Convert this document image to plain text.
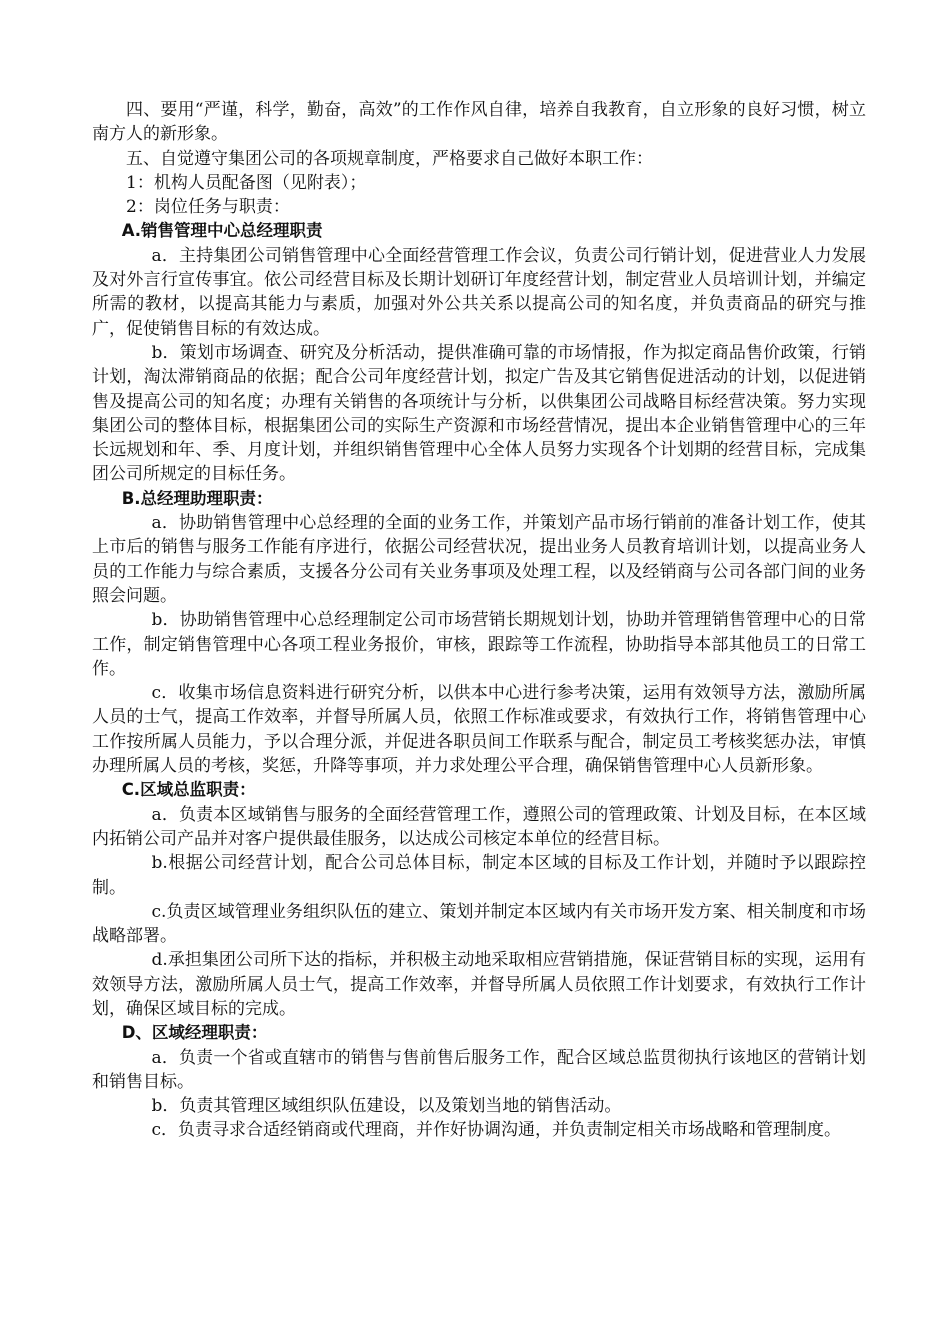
四、要用“严谨，科学，勤奋，高效”的工作作风自律，培养自我教育，自立形象的良好习惯，树立南方人的新形象。

五、自觉遵守集团公司的各项规章制度，严格要求自己做好本职工作：

1：机构人员配备图（见附表）；

2：岗位任务与职责：

A.销售管理中心总经理职责

a．主持集团公司销售管理中心全面经营管理工作会议，负责公司行销计划，促进营业人力发展及对外言行宣传事宜。依公司经营目标及长期计划研订年度经营计划，制定营业人员培训计划，并编定所需的教材，以提高其能力与素质，加强对外公共关系以提高公司的知名度，并负责商品的研究与推广，促使销售目标的有效达成。

b．策划市场调查、研究及分析活动，提供准确可靠的市场情报，作为拟定商品售价政策，行销计划，淘汰滞销商品的依据；配合公司年度经营计划，拟定广告及其它销售促进活动的计划，以促进销售及提高公司的知名度；办理有关销售的各项统计与分析，以供集团公司战略目标经营决策。努力实现集团公司的整体目标，根据集团公司的实际生产资源和市场经营情况，提出本企业销售管理中心的三年长远规划和年、季、月度计划，并组织销售管理中心全体人员努力实现各个计划期的经营目标，完成集团公司所规定的目标任务。

B.总经理助理职责：

a．协助销售管理中心总经理的全面的业务工作，并策划产品市场行销前的准备计划工作，使其上市后的销售与服务工作能有序进行，依据公司经营状况，提出业务人员教育培训计划，以提高业务人员的工作能力与综合素质，支援各分公司有关业务事项及处理工程，以及经销商与公司各部门间的业务照会问题。

b．协助销售管理中心总经理制定公司市场营销长期规划计划，协助并管理销售管理中心的日常工作，制定销售管理中心各项工程业务报价，审核，跟踪等工作流程，协助指导本部其他员工的日常工作。

c．收集市场信息资料进行研究分析，以供本中心进行参考决策，运用有效领导方法，激励所属人员的士气，提高工作效率，并督导所属人员，依照工作标准或要求，有效执行工作，将销售管理中心工作按所属人员能力，予以合理分派，并促进各职员间工作联系与配合，制定员工考核奖惩办法，审慎办理所属人员的考核，奖惩，升降等事项，并力求处理公平合理，确保销售管理中心人员新形象。

C.区域总监职责：

a．负责本区域销售与服务的全面经营管理工作，遵照公司的管理政策、计划及目标，在本区域内拓销公司产品并对客户提供最佳服务，以达成公司核定本单位的经营目标。

b.根据公司经营计划，配合公司总体目标，制定本区域的目标及工作计划，并随时予以跟踪控制。

c.负责区域管理业务组织队伍的建立、策划并制定本区域内有关市场开发方案、相关制度和市场战略部署。

d.承担集团公司所下达的指标，并积极主动地采取相应营销措施，保证营销目标的实现，运用有效领导方法，激励所属人员士气，提高工作效率，并督导所属人员依照工作计划要求，有效执行工作计划，确保区域目标的完成。

D、区域经理职责：

a．负责一个省或直辖市的销售与售前售后服务工作，配合区域总监贯彻执行该地区的营销计划和销售目标。

b．负责其管理区域组织队伍建设，以及策划当地的销售活动。

c．负责寻求合适经销商或代理商，并作好协调沟通，并负责制定相关市场战略和管理制度。
